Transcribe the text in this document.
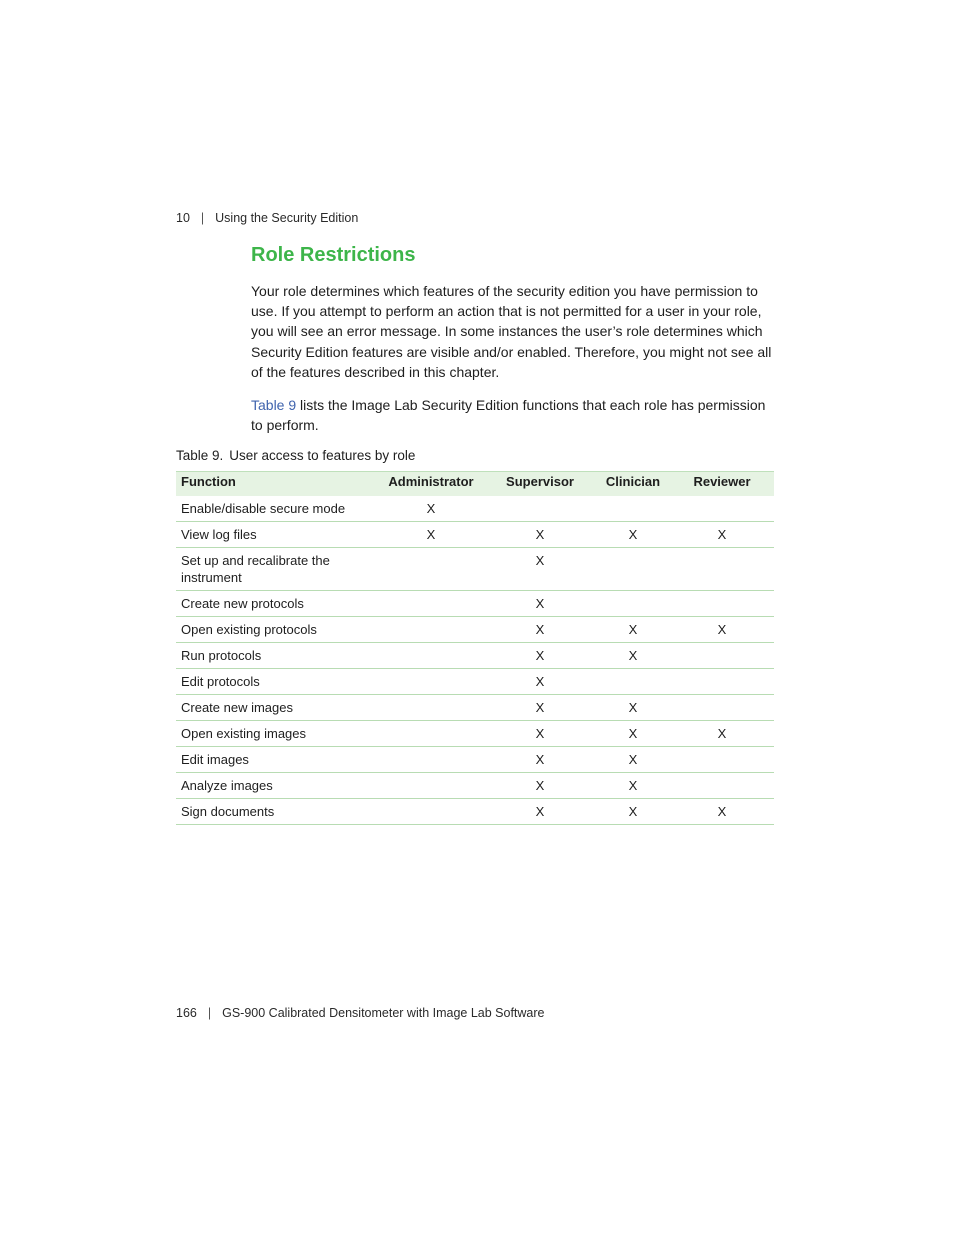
10 | Using the Security Edition
Role Restrictions

Your role determines which features of the security edition you have permission to use. If you attempt to perform an action that is not permitted for a user in your role, you will see an error message. In some instances the user’s role determines which Security Edition features are visible and/or enabled. Therefore, you might not see all of the features described in this chapter.

Table 9 lists the Image Lab Security Edition functions that each role has permission to perform.

Table 9. User access to features by role
Function	Administrator	Supervisor	Clinician	Reviewer
Enable/disable secure mode	X			
View log files	X	X	X	X
Set up and recalibrate the instrument		X		
Create new protocols		X		
Open existing protocols		X	X	X
Run protocols		X	X	
Edit protocols		X		
Create new images		X	X	
Open existing images		X	X	X
Edit images		X	X	
Analyze images		X	X	
Sign documents		X	X	X
166 | GS-900 Calibrated Densitometer with Image Lab Software
